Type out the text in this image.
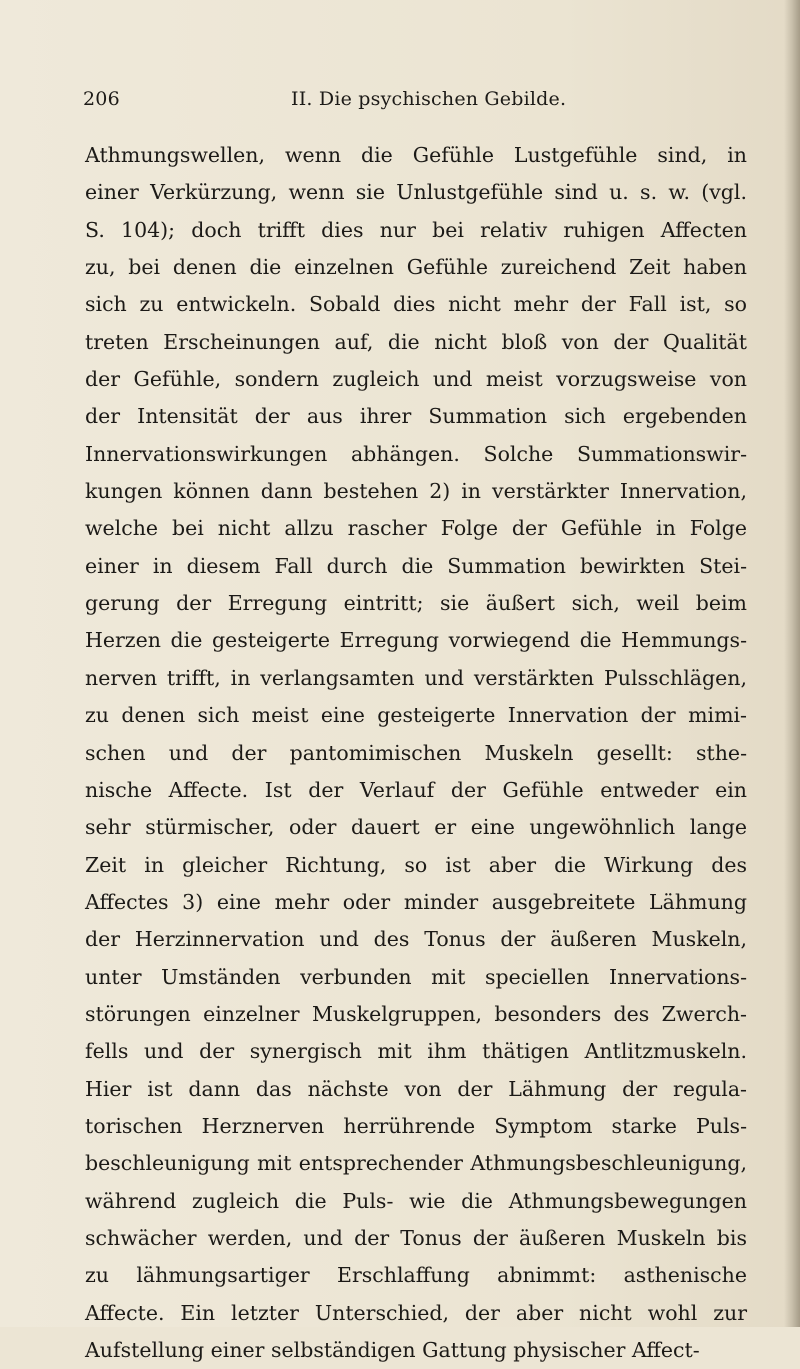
206	II. Die psychischen Gebilde.
Athmungswellen, wenn die Gefühle Lustgefühle sind, in
einer Verkürzung, wenn sie Unlustgefühle sind u. s. w. (vgl.
S. 104); doch trifft dies nur bei relativ ruhigen Affecten
zu, bei denen die einzelnen Gefühle zureichend Zeit haben
sich zu entwickeln. Sobald dies nicht mehr der Fall ist, so
treten Erscheinungen auf, die nicht bloß von der Qualität
der Gefühle, sondern zugleich und meist vorzugsweise von
der Intensität der aus ihrer Summation sich ergebenden
Innervationswirkungen abhängen. Solche Summationswir-
kungen können dann bestehen 2) in verstärkter Innervation,
welche bei nicht allzu rascher Folge der Gefühle in Folge
einer in diesem Fall durch die Summation bewirkten Stei-
gerung der Erregung eintritt; sie äußert sich, weil beim
Herzen die gesteigerte Erregung vorwiegend die Hemmungs-
nerven trifft, in verlangsamten und verstärkten Pulsschlägen,
zu denen sich meist eine gesteigerte Innervation der mimi-
schen und der pantomimischen Muskeln gesellt: sthe-
nische Affecte. Ist der Verlauf der Gefühle entweder ein
sehr stürmischer, oder dauert er eine ungewöhnlich lange
Zeit in gleicher Richtung, so ist aber die Wirkung des
Affectes 3) eine mehr oder minder ausgebreitete Lähmung
der Herzinnervation und des Tonus der äußeren Muskeln,
unter Umständen verbunden mit speciellen Innervations-
störungen einzelner Muskelgruppen, besonders des Zwerch-
fells und der synergisch mit ihm thätigen Antlitzmuskeln.
Hier ist dann das nächste von der Lähmung der regula-
torischen Herznerven herrührende Symptom starke Puls-
beschleunigung mit entsprechender Athmungsbeschleunigung,
während zugleich die Puls- wie die Athmungsbewegungen
schwächer werden, und der Tonus der äußeren Muskeln bis
zu lähmungsartiger Erschlaffung abnimmt: asthenische
Affecte. Ein letzter Unterschied, der aber nicht wohl zur
Aufstellung einer selbständigen Gattung physischer Affect-
